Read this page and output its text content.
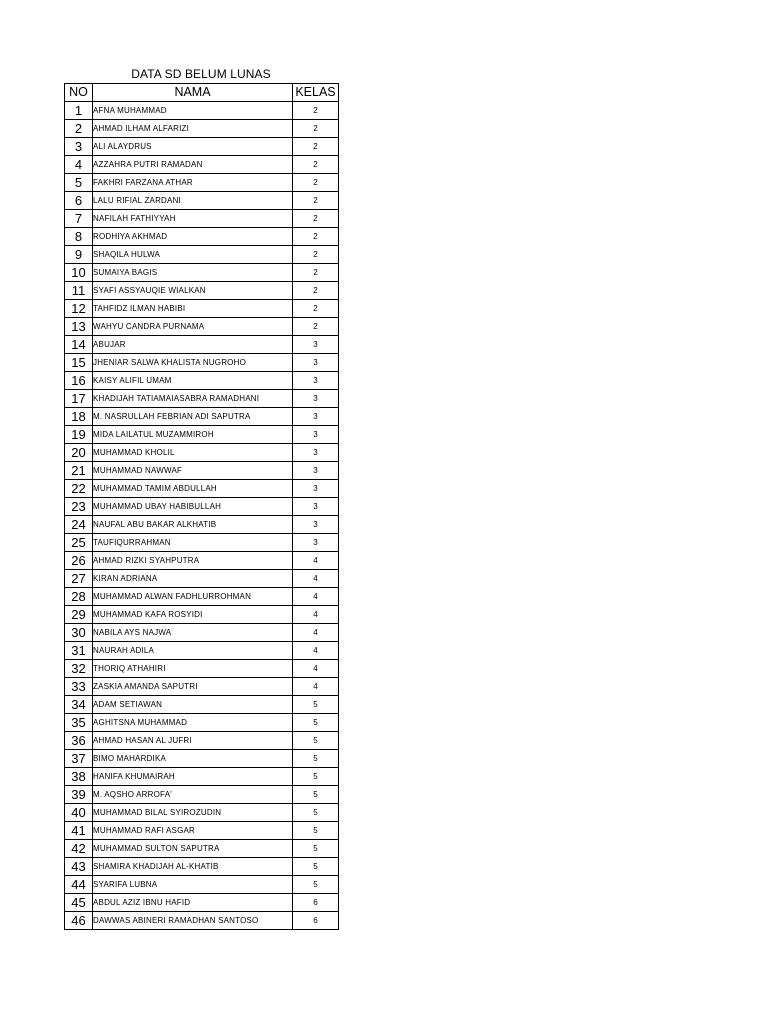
DATA SD BELUM LUNAS
NO	NAMA	KELAS
1	AFNA MUHAMMAD	2
2	AHMAD ILHAM ALFARIZI	2
3	ALI ALAYDRUS	2
4	AZZAHRA PUTRI RAMADAN	2
5	FAKHRI FARZANA ATHAR	2
6	LALU RIFIAL ZARDANI	2
7	NAFILAH FATHIYYAH	2
8	RODHIYA AKHMAD	2
9	SHAQILA HULWA	2
10	SUMAIYA BAGIS	2
11	SYAFI ASSYAUQIE WIALKAN	2
12	TAHFIDZ ILMAN HABIBI	2
13	WAHYU CANDRA PURNAMA	2
14	ABUJAR	3
15	JHENIAR SALWA KHALISTA NUGROHO	3
16	KAISY ALIFIL UMAM	3
17	KHADIJAH TATIAMAIASABRA RAMADHANI	3
18	M. NASRULLAH FEBRIAN ADI SAPUTRA	3
19	MIDA LAILATUL MUZAMMIROH	3
20	MUHAMMAD KHOLIL	3
21	MUHAMMAD NAWWAF	3
22	MUHAMMAD TAMIM ABDULLAH	3
23	MUHAMMAD UBAY HABIBULLAH	3
24	NAUFAL ABU BAKAR ALKHATIB	3
25	TAUFIQURRAHMAN	3
26	AHMAD RIZKI SYAHPUTRA	4
27	KIRAN ADRIANA	4
28	MUHAMMAD ALWAN FADHLURROHMAN	4
29	MUHAMMAD KAFA ROSYIDI	4
30	NABILA AYS NAJWA	4
31	NAURAH ADILA	4
32	THORIQ ATHAHIRI	4
33	ZASKIA AMANDA SAPUTRI	4
34	ADAM SETIAWAN	5
35	AGHITSNA MUHAMMAD	5
36	AHMAD HASAN AL JUFRI	5
37	BIMO MAHARDIKA	5
38	HANIFA KHUMAIRAH	5
39	M. AQSHO ARROFA'	5
40	MUHAMMAD BILAL SYIROZUDIN	5
41	MUHAMMAD RAFI ASGAR	5
42	MUHAMMAD SULTON SAPUTRA	5
43	SHAMIRA KHADIJAH AL-KHATIB	5
44	SYARIFA LUBNA	5
45	ABDUL AZIZ IBNU HAFID	6
46	DAWWAS ABINERI RAMADHAN SANTOSO	6
